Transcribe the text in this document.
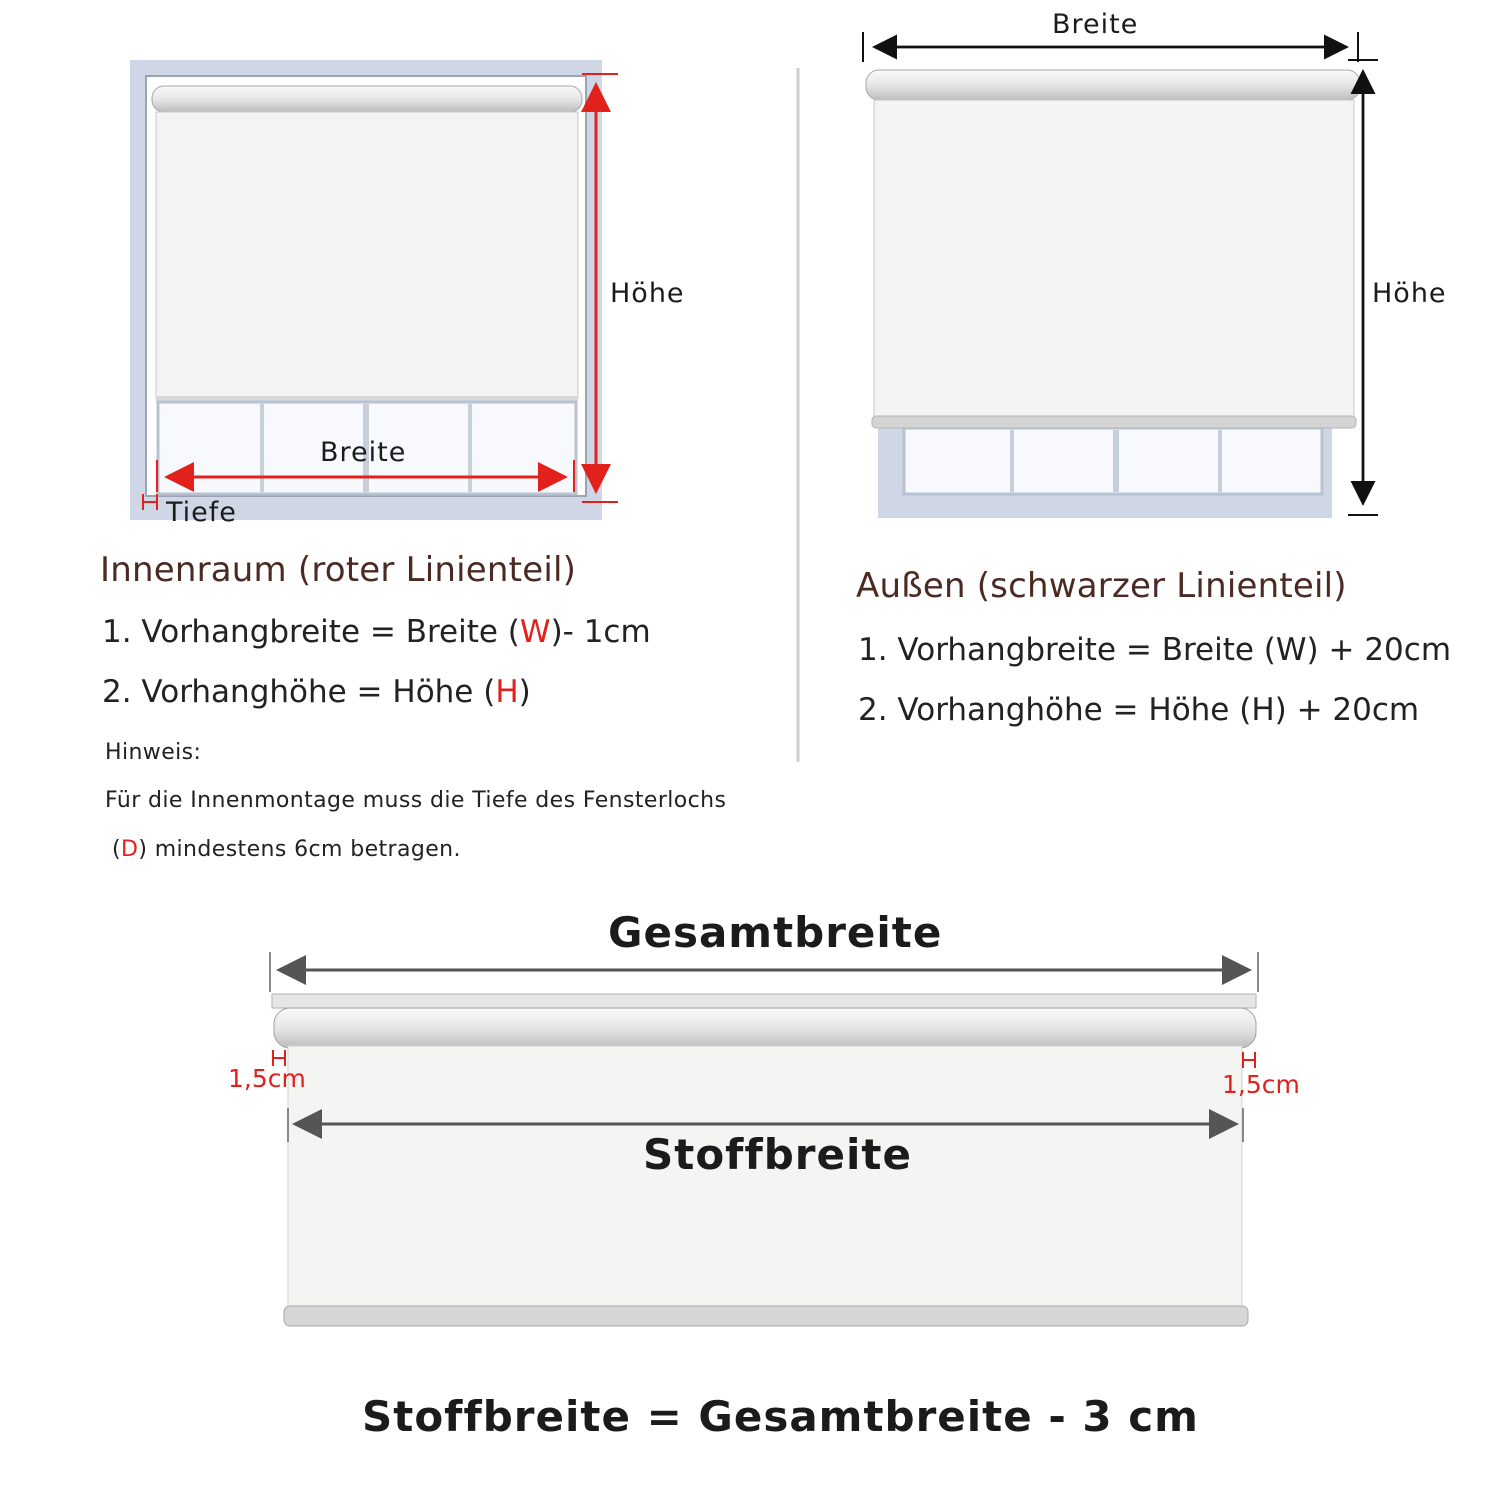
Höhe
Breite
Tiefe
Innenraum (roter Linienteil)
1. Vorhangbreite = Breite (W)- 1cm
2. Vorhanghöhe = Höhe (H)
Hinweis:
Für die Innenmontage muss die Tiefe des Fensterlochs
(D) mindestens 6cm betragen.
Breite
Höhe
Außen (schwarzer Linienteil)
1. Vorhangbreite = Breite (W) + 20cm
2. Vorhanghöhe = Höhe (H) + 20cm
Gesamtbreite
1,5cm	1,5cm
Stoffbreite
Stoffbreite = Gesamtbreite - 3 cm
